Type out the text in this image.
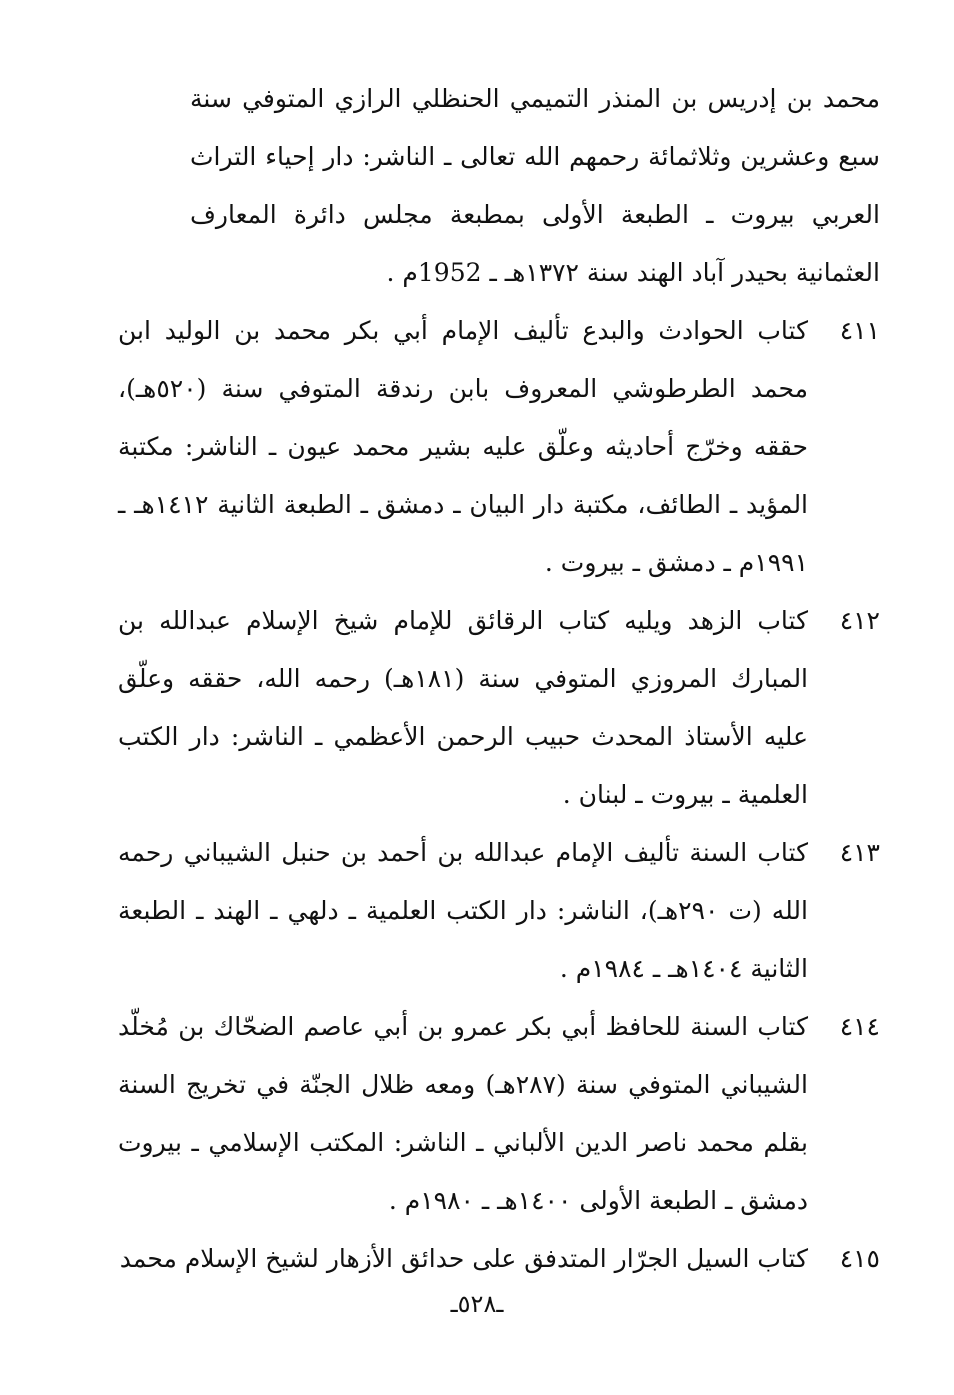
محمد بن إدريس بن المنذر التميمي الحنظلي الرازي المتوفي سنة سبع وعشرين وثلاثمائة رحمهم الله تعالى ـ الناشر: دار إحياء التراث العربي بيروت ـ الطبعة الأولى بمطبعة مجلس دائرة المعارف العثمانية بحيدر آباد الهند سنة ١٣٧٢هـ ـ 1952م .
٤١١
كتاب الحوادث والبدع تأليف الإمام أبي بكر محمد بن الوليد ابن محمد الطرطوشي المعروف بابن رندقة المتوفي سنة (٥٢٠هـ)، حققه وخرّج أحاديثه وعلّق عليه بشير محمد عيون ـ الناشر: مكتبة المؤيد ـ الطائف، مكتبة دار البيان ـ دمشق ـ الطبعة الثانية ١٤١٢هـ ـ ١٩٩١م ـ دمشق ـ بيروت .
٤١٢
كتاب الزهد ويليه كتاب الرقائق للإمام شيخ الإسلام عبدالله بن المبارك المروزي المتوفي سنة (١٨١هـ) رحمه الله، حققه وعلّق عليه الأستاذ المحدث حبيب الرحمن الأعظمي ـ الناشر: دار الكتب العلمية ـ بيروت ـ لبنان .
٤١٣
كتاب السنة تأليف الإمام عبدالله بن أحمد بن حنبل الشيباني رحمه الله (ت ٢٩٠هـ)، الناشر: دار الكتب العلمية ـ دلهي ـ الهند ـ الطبعة الثانية ١٤٠٤هـ ـ ١٩٨٤م .
٤١٤
كتاب السنة للحافظ أبي بكر عمرو بن أبي عاصم الضحّاك بن مُخلّد الشيباني المتوفي سنة (٢٨٧هـ) ومعه ظلال الجنّة في تخريج السنة بقلم محمد ناصر الدين الألباني ـ الناشر: المكتب الإسلامي ـ بيروت دمشق ـ الطبعة الأولى ١٤٠٠هـ ـ ١٩٨٠م .
٤١٥
كتاب السيل الجرّار المتدفق على حدائق الأزهار لشيخ الإسلام محمد
ـ٥٢٨ـ
